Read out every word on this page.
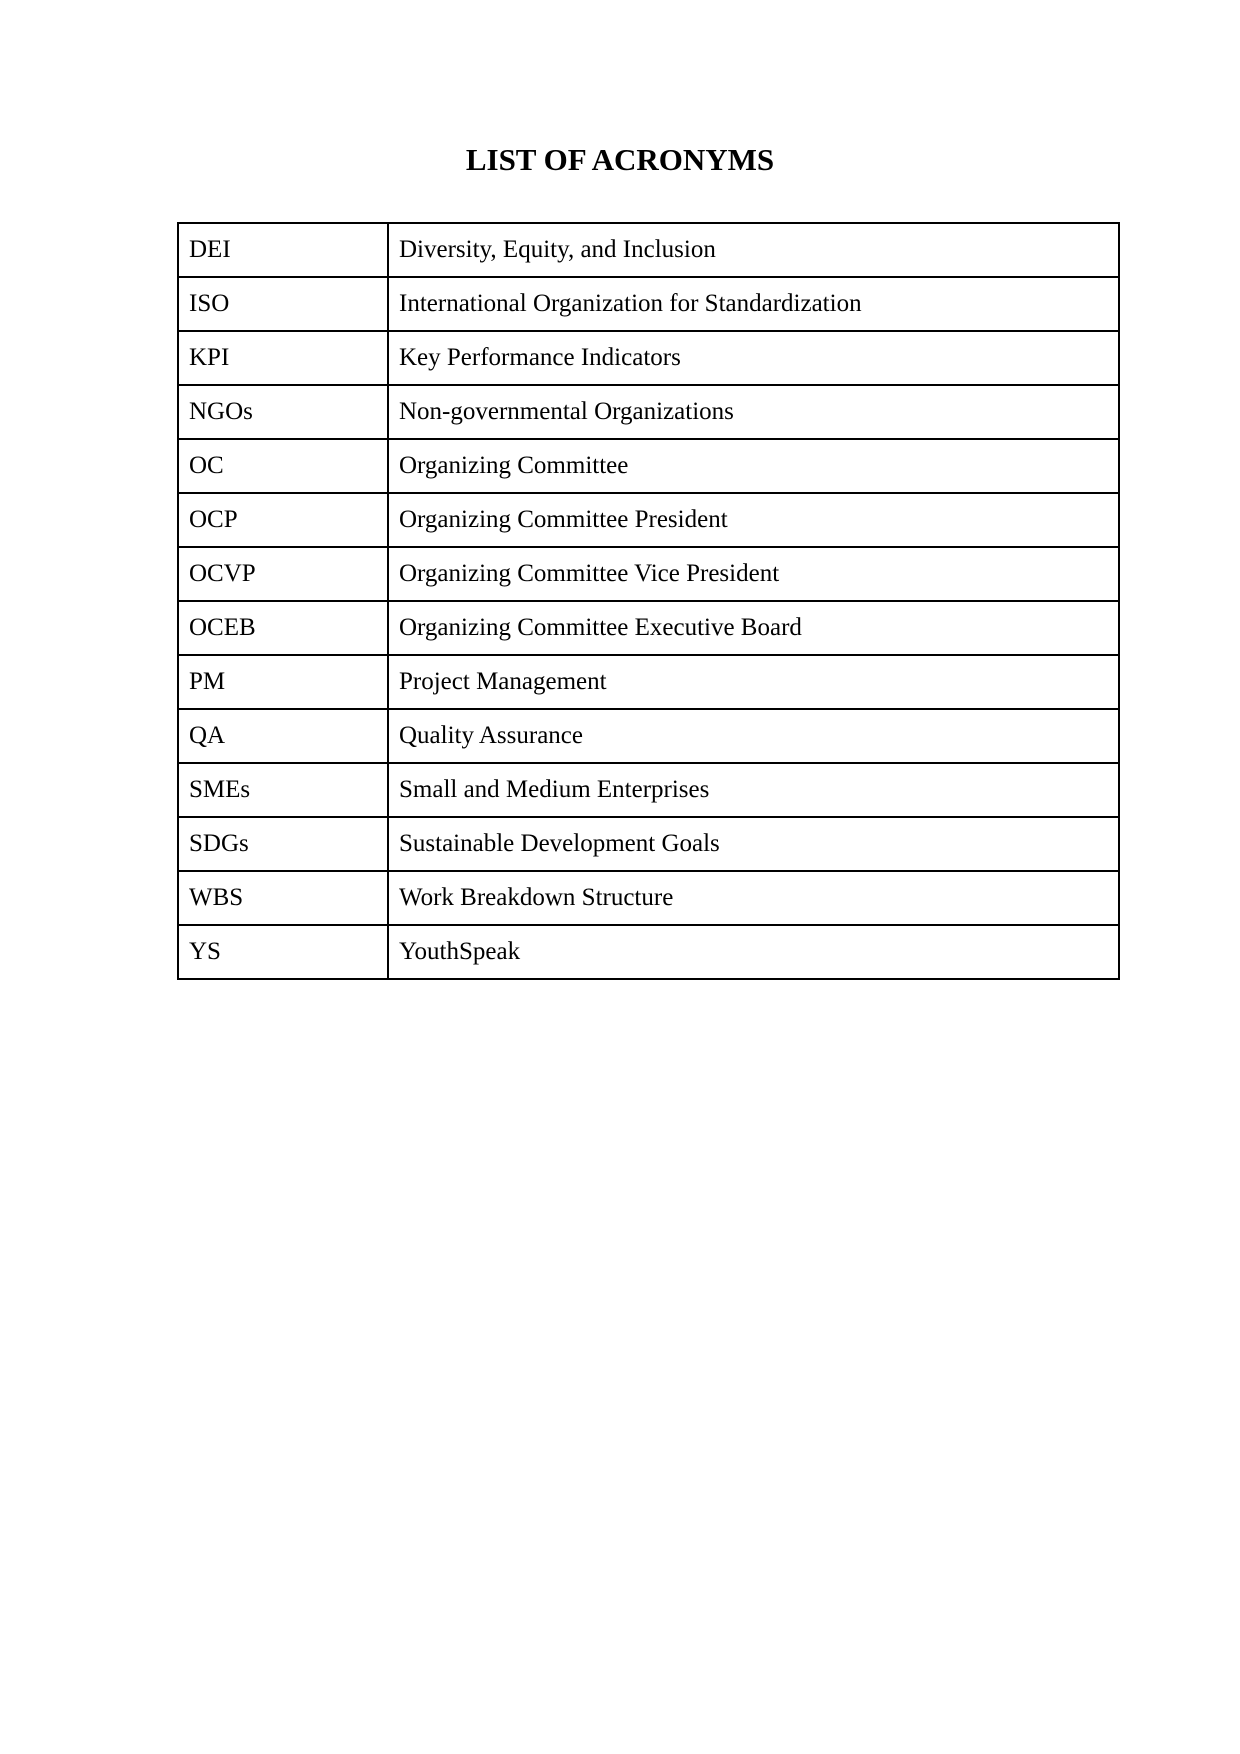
LIST OF ACRONYMS
DEI	Diversity, Equity, and Inclusion
ISO	International Organization for Standardization
KPI	Key Performance Indicators
NGOs	Non-governmental Organizations
OC	Organizing Committee
OCP	Organizing Committee President
OCVP	Organizing Committee Vice President
OCEB	Organizing Committee Executive Board
PM	Project Management
QA	Quality Assurance
SMEs	Small and Medium Enterprises
SDGs	Sustainable Development Goals
WBS	Work Breakdown Structure
YS	YouthSpeak
